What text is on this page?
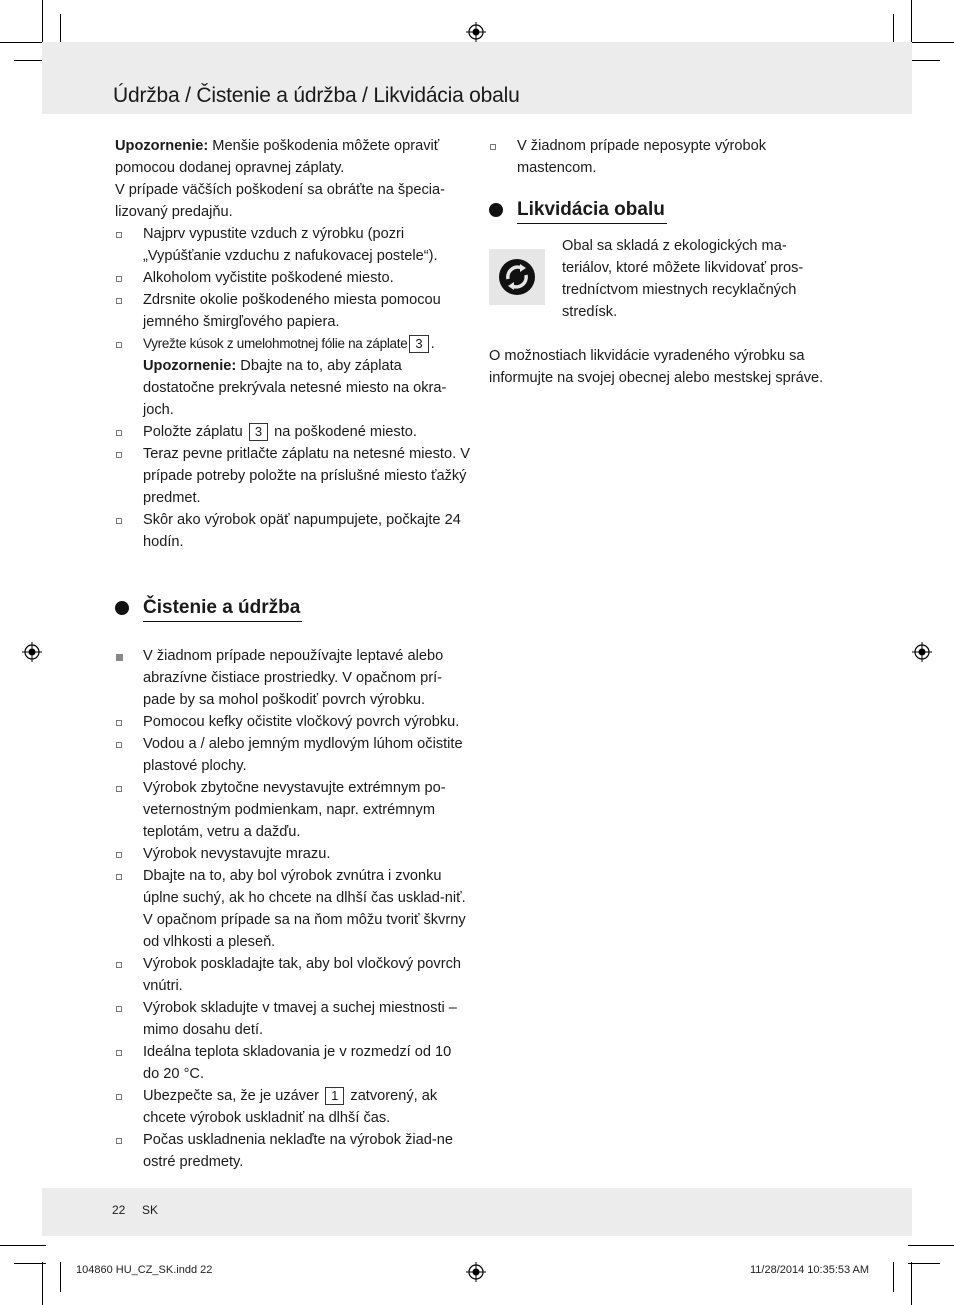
Údržba / Čistenie a údržba / Likvidácia obalu

Upozornenie: Menšie poškodenia môžete opraviť pomocou dodanej opravnej záplaty.

V prípade väčších poškodení sa obráťte na špecia-lizovaný predajňu.

Najprv vypustite vzduch z výrobku (pozri „Vypúšťanie vzduchu z nafukovacej postele“).
Alkoholom vyčistite poškodené miesto.
Zdrsnite okolie poškodeného miesta pomocou jemného šmirgľového papiera.
Vyrežte kúsok z umelohmotnej fólie na záplate 3 .
Upozornenie: Dbajte na to, aby záplata dostatočne prekrývala netesné miesto na okra-joch.
Položte záplatu 3 na poškodené miesto.
Teraz pevne pritlačte záplatu na netesné miesto. V prípade potreby položte na príslušné miesto ťažký predmet.
Skôr ako výrobok opäť napumpujete, počkajte 24 hodín.
Čistenie a údržba
V žiadnom prípade nepoužívajte leptavé alebo abrazívne čistiace prostriedky. V opačnom prí-pade by sa mohol poškodiť povrch výrobku.
Pomocou kefky očistite vločkový povrch výrobku.
Vodou a / alebo jemným mydlovým lúhom očistite plastové plochy.
Výrobok zbytočne nevystavujte extrémnym po-veternostným podmienkam, napr. extrémnym teplotám, vetru a dažďu.
Výrobok nevystavujte mrazu.
Dbajte na to, aby bol výrobok zvnútra i zvonku úplne suchý, ak ho chcete na dlhší čas usklad-niť. V opačnom prípade sa na ňom môžu tvoriť škvrny od vlhkosti a pleseň.
Výrobok poskladajte tak, aby bol vločkový povrch vnútri.
Výrobok skladujte v tmavej a suchej miestnosti – mimo dosahu detí.
Ideálna teplota skladovania je v rozmedzí od 10 do 20 °C.
Ubezpečte sa, že je uzáver 1 zatvorený, ak chcete výrobok uskladniť na dlhší čas.
Počas uskladnenia neklaďte na výrobok žiad-ne ostré predmety.
V žiadnom prípade neposypte výrobok mastencom.
Likvidácia obalu

Obal sa skladá z ekologických ma-teriálov, ktoré môžete likvidovať pros-tredníctvom miestnych recyklačných stredísk.

O možnostiach likvidácie vyradeného výrobku sa informujte na svojej obecnej alebo mestskej správe.

22 SK
104860 HU_CZ_SK.indd 22	11/28/2014 10:35:53 AM
